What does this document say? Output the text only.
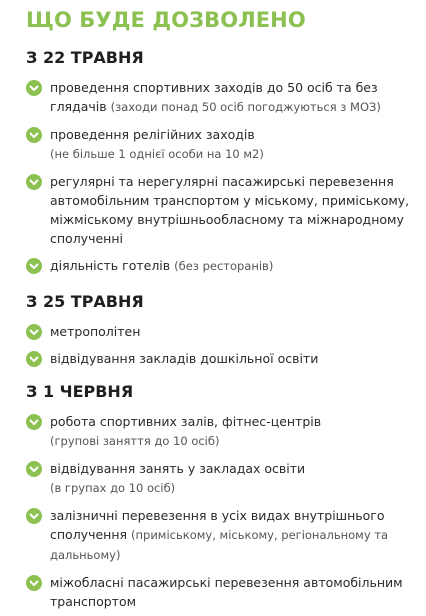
ЩО БУДЕ ДОЗВОЛЕНО
З 22 ТРАВНЯ
проведення спортивних заходів до 50 осіб та без глядачів (заходи понад 50 осіб погоджуються з МОЗ)
проведення релігійних заходів
(не більше 1 однієї особи на 10 м2)
регулярні та нерегулярні пасажирські перевезення автомобільним транспортом у міському, приміському, міжміському внутрішньообласному та міжнародному сполученні
діяльність готелів (без ресторанів)
З 25 ТРАВНЯ
метрополітен
відвідування закладів дошкільної освіти
З 1 ЧЕРВНЯ
робота спортивних залів, фітнес-центрів
(групові заняття до 10 осіб)
відвідування занять у закладах освіти
(в групах до 10 осіб)
залізничні перевезення в усіх видах внутрішнього сполучення (приміському, міському, регіональному та дальньому)
міжобласні пасажирські перевезення автомобільним транспортом
